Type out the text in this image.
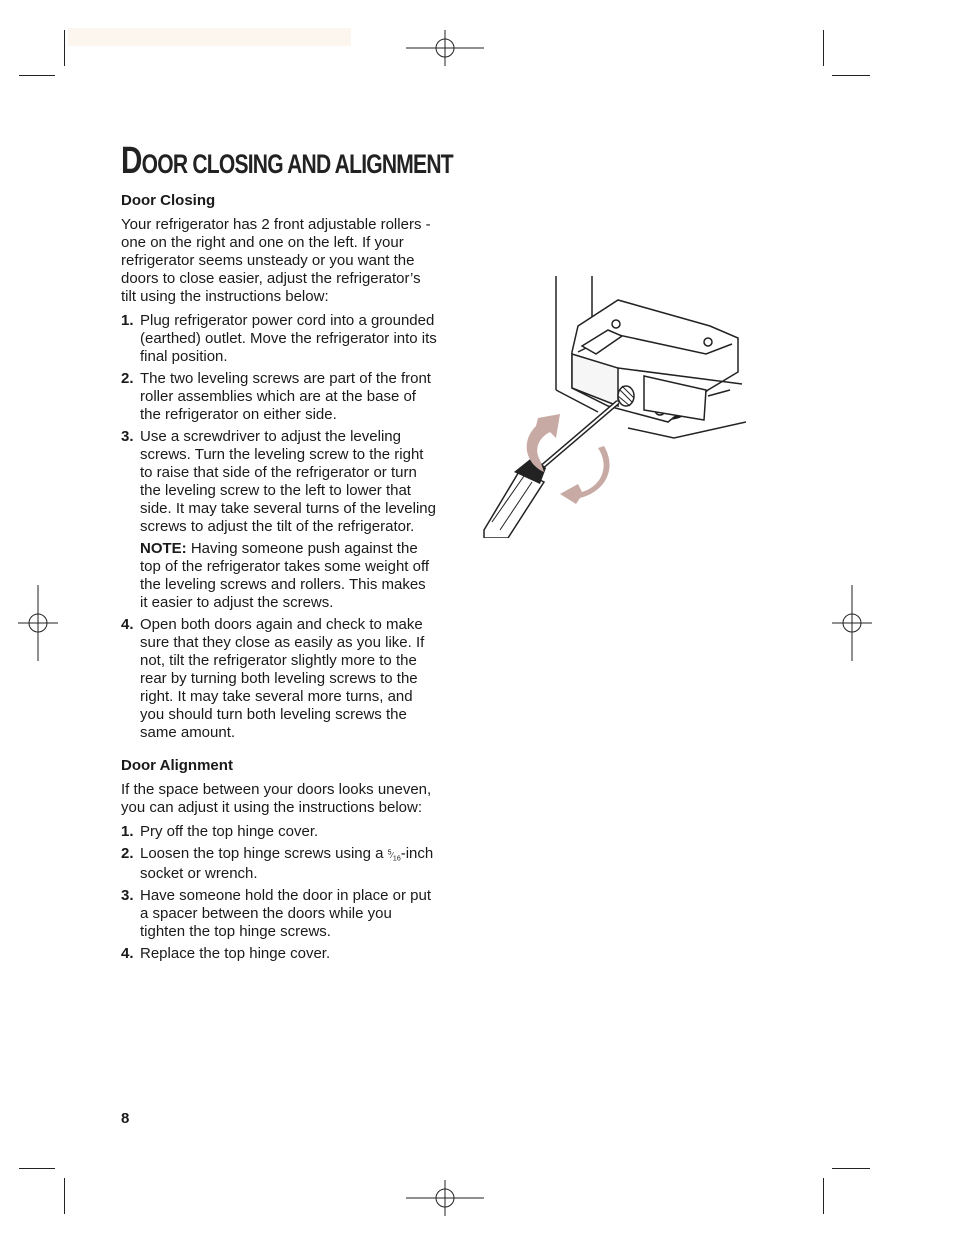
DOOR CLOSING AND ALIGNMENT
Door Closing

Your refrigerator has 2 front adjustable rollers - one on the right and one on the left. If your refrigerator seems unsteady or you want the doors to close easier, adjust the refrigerator’s tilt using the instructions below:

1. Plug refrigerator power cord into a grounded (earthed) outlet. Move the refrigerator into its final position.
2. The two leveling screws are part of the front roller assemblies which are at the base of the refrigerator on either side.
3. Use a screwdriver to adjust the leveling screws. Turn the leveling screw to the right to raise that side of the refrigerator or turn the leveling screw to the left to lower that side. It may take several turns of the leveling screws to adjust the tilt of the refrigerator.
NOTE: Having someone push against the top of the refrigerator takes some weight off the leveling screws and rollers. This makes it easier to adjust the screws.
4. Open both doors again and check to make sure that they close as easily as you like. If not, tilt the refrigerator slightly more to the rear by turning both leveling screws to the right. It may take several more turns, and you should turn both leveling screws the same amount.
Door Alignment

If the space between your doors looks uneven, you can adjust it using the instructions below:

1. Pry off the top hinge cover.
2. Loosen the top hinge screws using a $^5⁄_{16}$-inch socket or wrench.
3. Have someone hold the door in place or put a spacer between the doors while you tighten the top hinge screws.
4. Replace the top hinge cover.
8
